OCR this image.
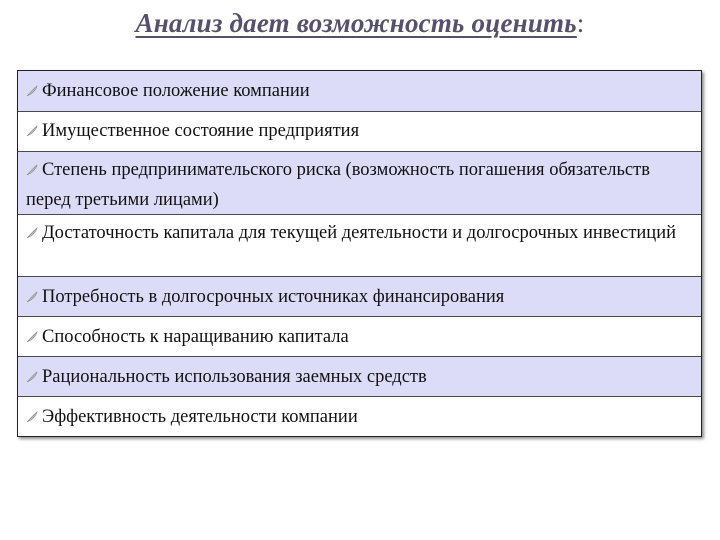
Анализ дает возможность оценить:
Финансовое положение компании
Имущественное состояние предприятия
Степень предпринимательского риска (возможность погашения обязательств перед третьими лицами)
Достаточность капитала для текущей деятельности и долгосрочных инвестиций
Потребность в долгосрочных источниках финансирования
Способность к наращиванию капитала
Рациональность использования заемных средств
Эффективность деятельности компании
